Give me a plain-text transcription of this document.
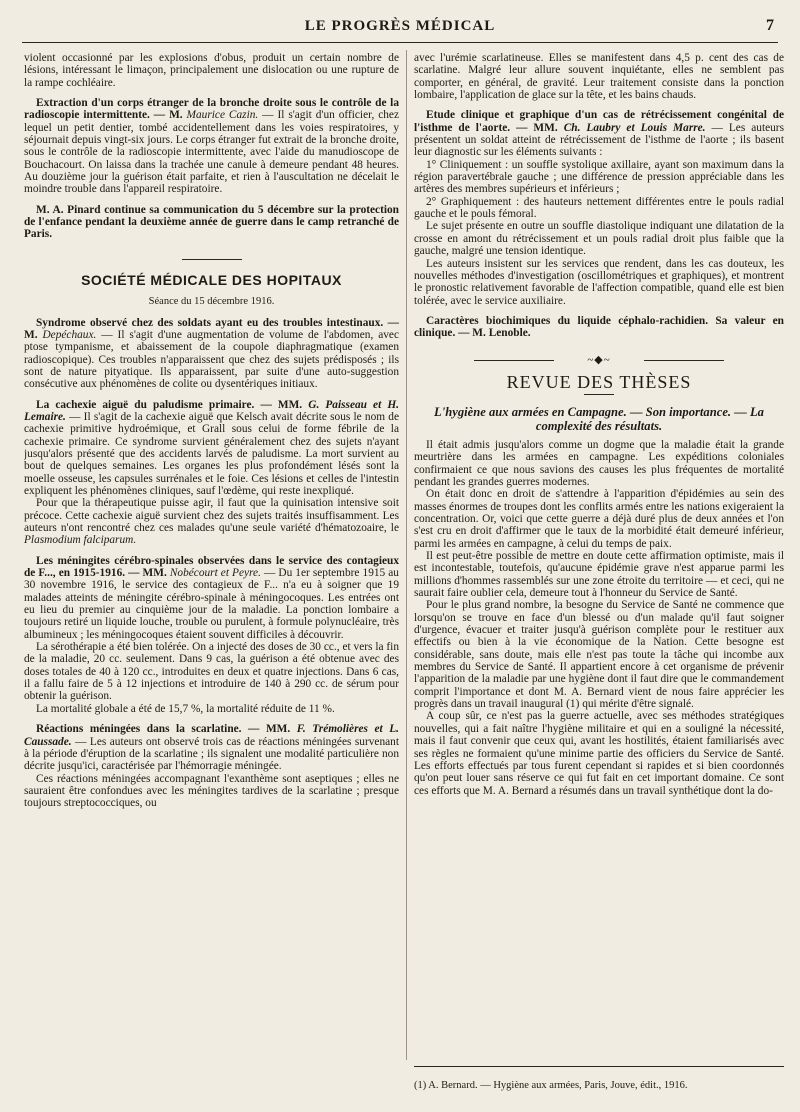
LE PROGRÈS MÉDICAL	7

violent occasionné par les explosions d'obus, produit un certain nombre de lésions, intéressant le limaçon, principalement une dislocation ou une rupture de la rampe cochléaire.

Extraction d'un corps étranger de la bronche droite sous le contrôle de la radioscopie intermittente. — M. Maurice Cazin. — Il s'agit d'un officier, chez lequel un petit dentier, tombé accidentellement dans les voies respiratoires, y séjournait depuis vingt-six jours. Le corps étranger fut extrait de la bronche droite, sous le contrôle de la radioscopie intermittente, avec l'aide du manudioscope de Bouchacourt. On laissa dans la trachée une canule à demeure pendant 48 heures. Au douzième jour la guérison était parfaite, et rien à l'auscultation ne décelait le moindre trouble dans l'appareil respiratoire.

M. A. Pinard continue sa communication du 5 décembre sur la protection de l'enfance pendant la deuxième année de guerre dans le camp retranché de Paris.

SOCIÉTÉ MÉDICALE DES HOPITAUX
Séance du 15 décembre 1916.

Syndrome observé chez des soldats ayant eu des troubles intestinaux. — M. Depéchaux. — Il s'agit d'une augmentation de volume de l'abdomen, avec ptose tympanisme, et abaissement de la coupole diaphragmatique (examen radioscopique). Ces troubles n'apparaissent que chez des sujets prédisposés ; ils sont de nature pityatique. Ils apparaissent, par suite d'une auto-suggestion consécutive aux phénomènes de colite ou dysentériques initiaux.

La cachexie aiguë du paludisme primaire. — MM. G. Paisseau et H. Lemaire. — Il s'agit de la cachexie aiguë que Kelsch avait décrite sous le nom de cachexie primitive hydroémique, et Grall sous celui de forme fébrile de la cachexie primaire. Ce syndrome survient généralement chez des sujets n'ayant jusqu'alors présenté que des accidents larvés de paludisme. La mort survient au bout de quelques semaines. Les organes les plus profondément lésés sont la moelle osseuse, les capsules surrénales et le foie. Ces lésions et celles de l'intestin expliquent les phénomènes cliniques, sauf l'œdème, qui reste inexpliqué.

Pour que la thérapeutique puisse agir, il faut que la quinisation intensive soit précoce. Cette cachexie aiguë survient chez des sujets traités insuffisamment. Les auteurs n'ont rencontré chez ces malades qu'une seule variété d'hématozoaire, le Plasmodium falciparum.

Les méningites cérébro-spinales observées dans le service des contagieux de F..., en 1915-1916. — MM. Nobécourt et Peyre. — Du 1er septembre 1915 au 30 novembre 1916, le service des contagieux de F... n'a eu à soigner que 19 malades atteints de méningite cérébro-spinale à méningocoques. Les entrées ont eu lieu du premier au cinquième jour de la maladie. La ponction lombaire a toujours retiré un liquide louche, trouble ou purulent, à formule polynucléaire, très albumineux ; les méningocoques étaient souvent difficiles à découvrir.

La sérothérapie a été bien tolérée. On a injecté des doses de 30 cc., et vers la fin de la maladie, 20 cc. seulement. Dans 9 cas, la guérison a été obtenue avec des doses totales de 40 à 120 cc., introduites en deux et quatre injections. Dans 6 cas, il a fallu faire de 5 à 12 injections et introduire de 140 à 290 cc. de sérum pour obtenir la guérison.

La mortalité globale a été de 15,7 %, la mortalité réduite de 11 %.

Réactions méningées dans la scarlatine. — MM. F. Trémolières et L. Caussade. — Les auteurs ont observé trois cas de réactions méningées survenant à la période d'éruption de la scarlatine ; ils signalent une modalité particulière non décrite jusqu'ici, caractérisée par l'hémorragie méningée.

Ces réactions méningées accompagnant l'exanthème sont aseptiques ; elles ne sauraient être confondues avec les méningites tardives de la scarlatine ; presque toujours streptococciques, ou

avec l'urémie scarlatineuse. Elles se manifestent dans 4,5 p. cent des cas de scarlatine. Malgré leur allure souvent inquiétante, elles ne semblent pas comporter, en général, de gravité. Leur traitement consiste dans la ponction lombaire, l'application de glace sur la tête, et les bains chauds.

Etude clinique et graphique d'un cas de rétrécissement congénital de l'isthme de l'aorte. — MM. Ch. Laubry et Louis Marre. — Les auteurs présentent un soldat atteint de rétrécissement de l'isthme de l'aorte ; ils basent leur diagnostic sur les éléments suivants :

1° Cliniquement : un souffle systolique axillaire, ayant son maximum dans la région paravertébrale gauche ; une différence de pression appréciable dans les artères des membres supérieurs et inférieurs ;

2° Graphiquement : des hauteurs nettement différentes entre le pouls radial gauche et le pouls fémoral.

Le sujet présente en outre un souffle diastolique indiquant une dilatation de la crosse en amont du rétrécissement et un pouls radial droit plus faible que la gauche, malgré une tension identique.

Les auteurs insistent sur les services que rendent, dans les cas douteux, les nouvelles méthodes d'investigation (oscillométriques et graphiques), et montrent le pronostic relativement favorable de l'affection compatible, quand elle est bien tolérée, avec le service auxiliaire.

Caractères biochimiques du liquide céphalo-rachidien. Sa valeur en clinique. — M. Lenoble.

~◆~
REVUE DES THÈSES
L'hygiène aux armées en Campagne. — Son importance. — La complexité des résultats.

Il était admis jusqu'alors comme un dogme que la maladie était la grande meurtrière dans les armées en campagne. Les expéditions coloniales confirmaient ce que nous savions des causes les plus fréquentes de mortalité pendant les grandes guerres modernes.

On était donc en droit de s'attendre à l'apparition d'épidémies au sein des masses énormes de troupes dont les conflits armés entre les nations exigeraient la concentration. Or, voici que cette guerre a déjà duré plus de deux années et l'on s'est cru en droit d'affirmer que le taux de la morbidité était demeuré inférieur, parmi les armées en campagne, à celui du temps de paix.

Il est peut-être possible de mettre en doute cette affirmation optimiste, mais il est incontestable, toutefois, qu'aucune épidémie grave n'est apparue parmi les millions d'hommes rassemblés sur une zone étroite du territoire — et ceci, qui ne saurait faire oublier cela, demeure tout à l'honneur du Service de Santé.

Pour le plus grand nombre, la besogne du Service de Santé ne commence que lorsqu'on se trouve en face d'un blessé ou d'un malade qu'il faut soigner d'urgence, évacuer et traiter jusqu'à guérison complète pour le restituer aux effectifs ou bien à la vie économique de la Nation. Cette besogne est considérable, sans doute, mais elle n'est pas toute la tâche qui incombe aux membres du Service de Santé. Il appartient encore à cet organisme de prévenir l'apparition de la maladie par une hygiène dont il faut dire que le commandement comprit l'importance et dont M. A. Bernard vient de nous faire apprécier les progrès dans un travail inaugural (1) qui mérite d'être signalé.

A coup sûr, ce n'est pas la guerre actuelle, avec ses méthodes stratégiques nouvelles, qui a fait naître l'hygiène militaire et qui en a souligné la nécessité, mais il faut convenir que ceux qui, avant les hostilités, étaient familiarisés avec ses règles ne formaient qu'une minime partie des officiers du Service de Santé. Les efforts effectués par tous furent cependant si rapides et si bien coordonnés qu'on peut louer sans réserve ce qui fut fait en cet important domaine. Ce sont ces efforts que M. A. Bernard a résumés dans un travail synthétique dont la do-

(1) A. Bernard. — Hygiène aux armées, Paris, Jouve, édit., 1916.
